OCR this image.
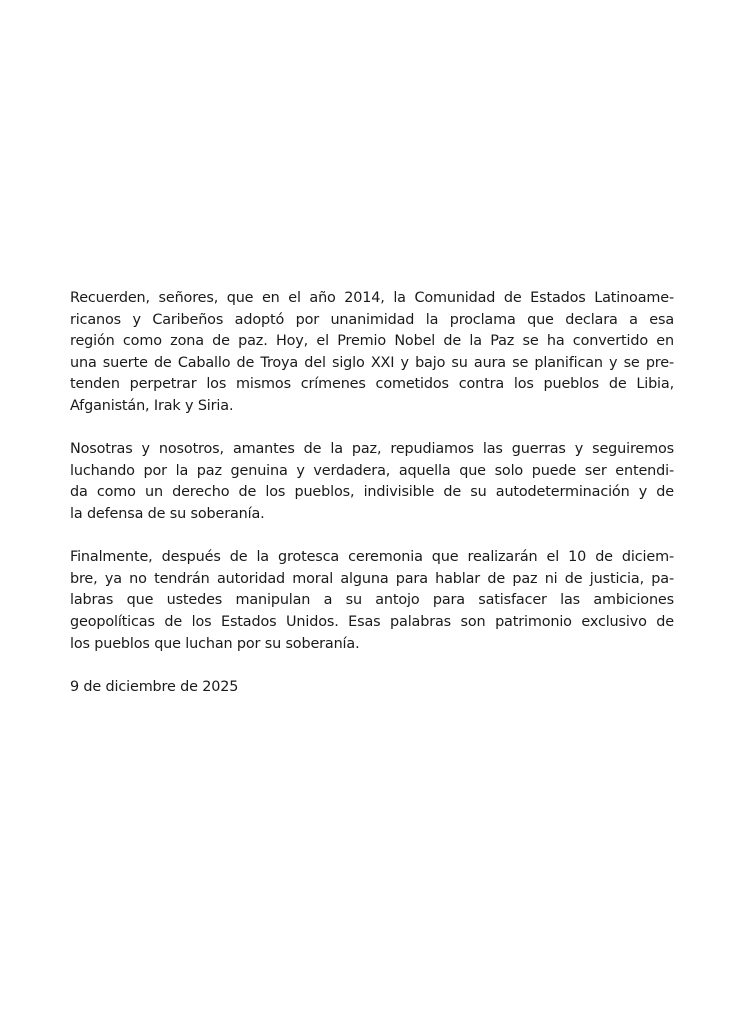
Recuerden, señores, que en el año 2014, la Comunidad de Estados Latinoame-
ricanos y Caribeños adoptó por unanimidad la proclama que declara a esa
región como zona de paz. Hoy, el Premio Nobel de la Paz se ha convertido en
una suerte de Caballo de Troya del siglo XXI y bajo su aura se planifican y se pre-
tenden perpetrar los mismos crímenes cometidos contra los pueblos de Libia,
Afganistán, Irak y Siria.

Nosotras y nosotros, amantes de la paz, repudiamos las guerras y seguiremos
luchando por la paz genuina y verdadera, aquella que solo puede ser entendi-
da como un derecho de los pueblos, indivisible de su autodeterminación y de
la defensa de su soberanía.

Finalmente, después de la grotesca ceremonia que realizarán el 10 de diciem-
bre, ya no tendrán autoridad moral alguna para hablar de paz ni de justicia, pa-
labras que ustedes manipulan a su antojo para satisfacer las ambiciones
geopolíticas de los Estados Unidos. Esas palabras son patrimonio exclusivo de
los pueblos que luchan por su soberanía.

9 de diciembre de 2025
